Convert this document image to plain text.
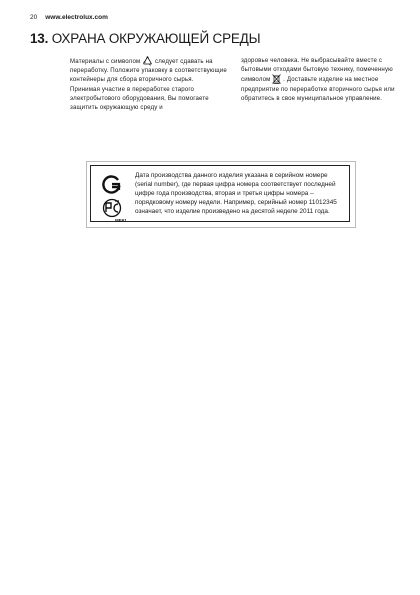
20 www.electrolux.com
13. ОХРАНА ОКРУЖАЮЩЕЙ СРЕДЫ

Материалы с символом следует сдавать на переработку. Положите упаковку в соответствующие контейнеры для сбора вторичного сырья.

Принимая участие в переработке старого электробытового оборудования, Вы помогаете защитить окружающую среду и

здоровье человека. Не выбрасывайте вместе с бытовыми отходами бытовую технику, помеченную символом . Доставьте изделие на местное предприятие по переработке вторичного сырья или обратитесь в свое муниципальное управление.

ME61
Дата производства данного изделия указана в серийном номере (serial number), где первая цифра номера соответствует последней цифре года производства, вторая и третья цифры номера – порядковому номеру недели. Например, серийный номер 11012345 означает, что изделие произведено на десятой неделе 2011 года.
